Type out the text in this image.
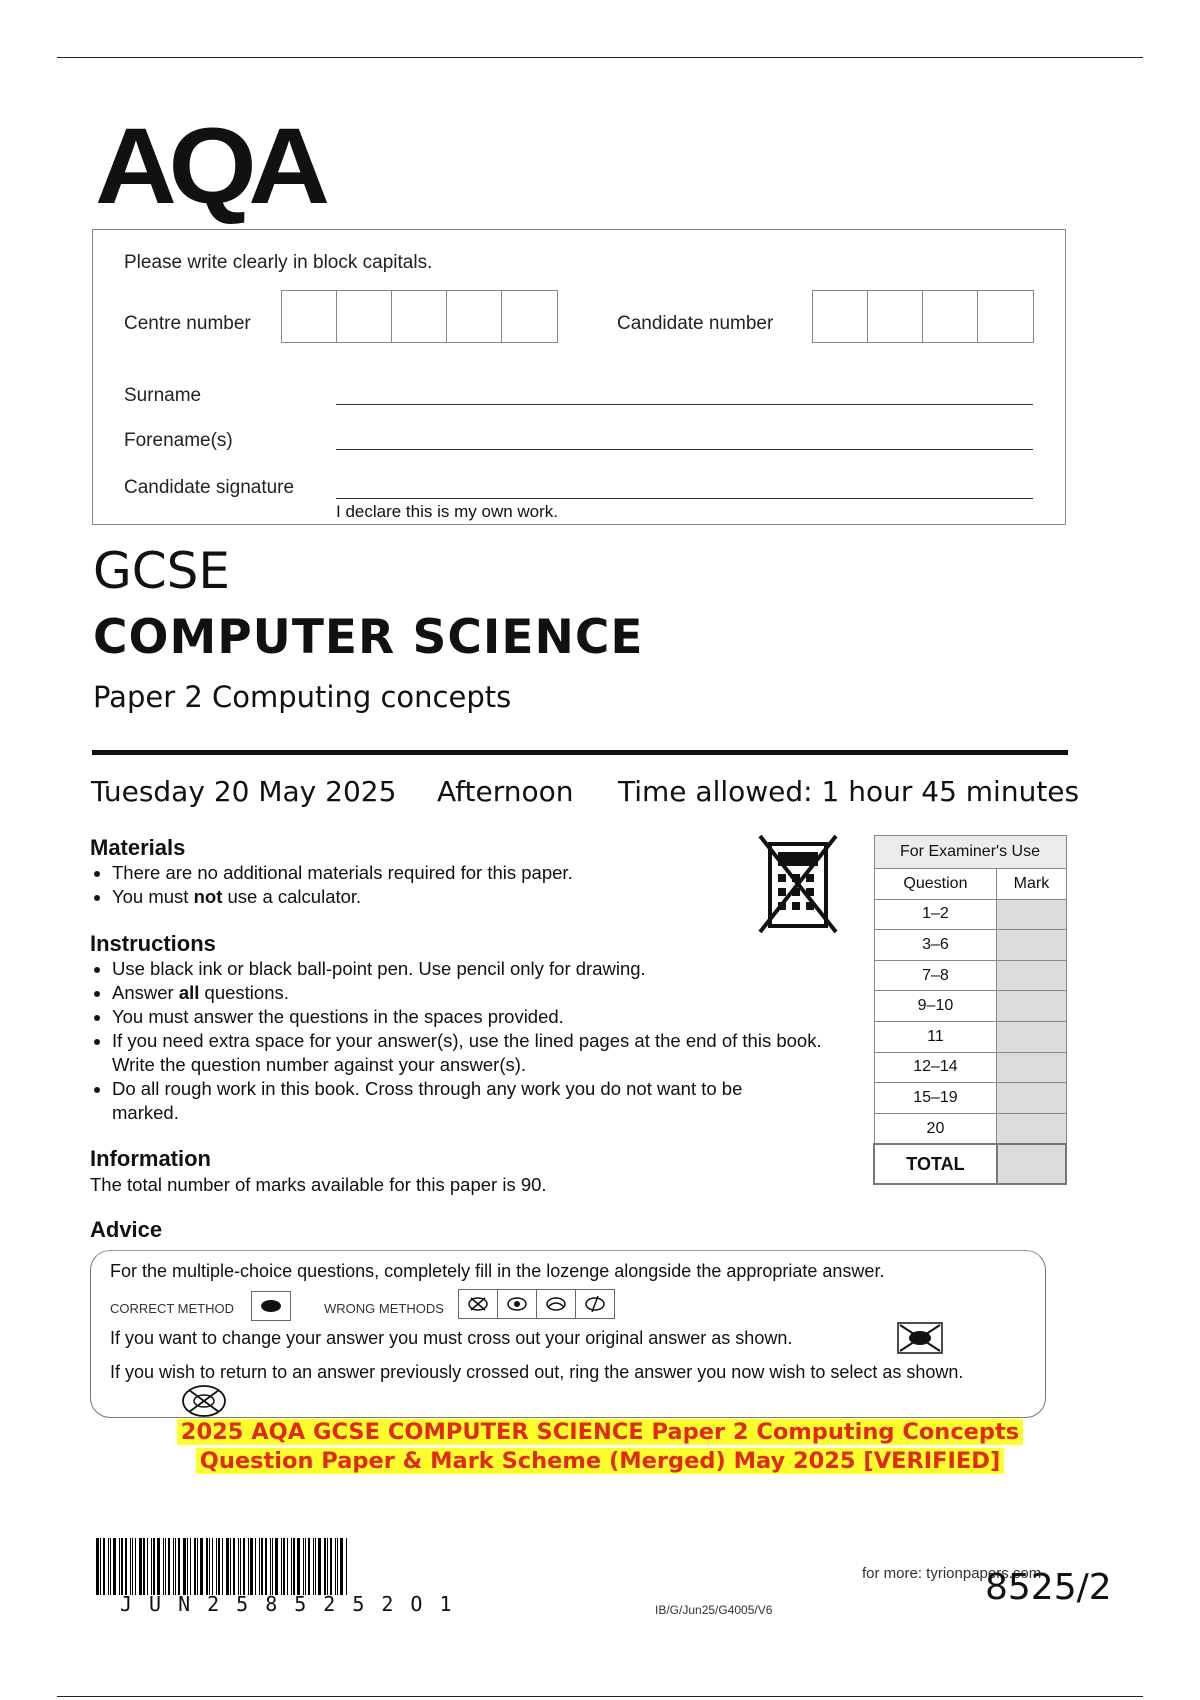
AQA
Please write clearly in block capitals.
Centre number	Candidate number
Surname
Forename(s)
Candidate signature
I declare this is my own work.
GCSE
COMPUTER SCIENCE
Paper 2 Computing concepts
Tuesday 20 May 2025 Afternoon Time allowed: 1 hour 45 minutes
Materials
• There are no additional materials required for this paper.
• You must not use a calculator.
Instructions
• Use black ink or black ball-point pen. Use pencil only for drawing.
• Answer all questions.
• You must answer the questions in the spaces provided.
• If you need extra space for your answer(s), use the lined pages at the end of this book. Write the question number against your answer(s).
• Do all rough work in this book. Cross through any work you do not want to be marked.
Information
The total number of marks available for this paper is 90.
For Examiner's Use	
Question	Mark
1–2	
3–6	
7–8	
9–10	
11	
12–14	
15–19	
20	
TOTAL	
Advice
For the multiple-choice questions, completely fill in the lozenge alongside the appropriate answer.
CORRECT METHOD	WRONG METHODS
If you want to change your answer you must cross out your original answer as shown.
If you wish to return to an answer previously crossed out, ring the answer you now wish to select as shown.
2025 AQA GCSE COMPUTER SCIENCE Paper 2 Computing Concepts
Question Paper & Mark Scheme (Merged) May 2025 [VERIFIED]
JUN2585252O1	IB/G/Jun25/G4005/V6
for more: tyrionpapers.com
8525/2
